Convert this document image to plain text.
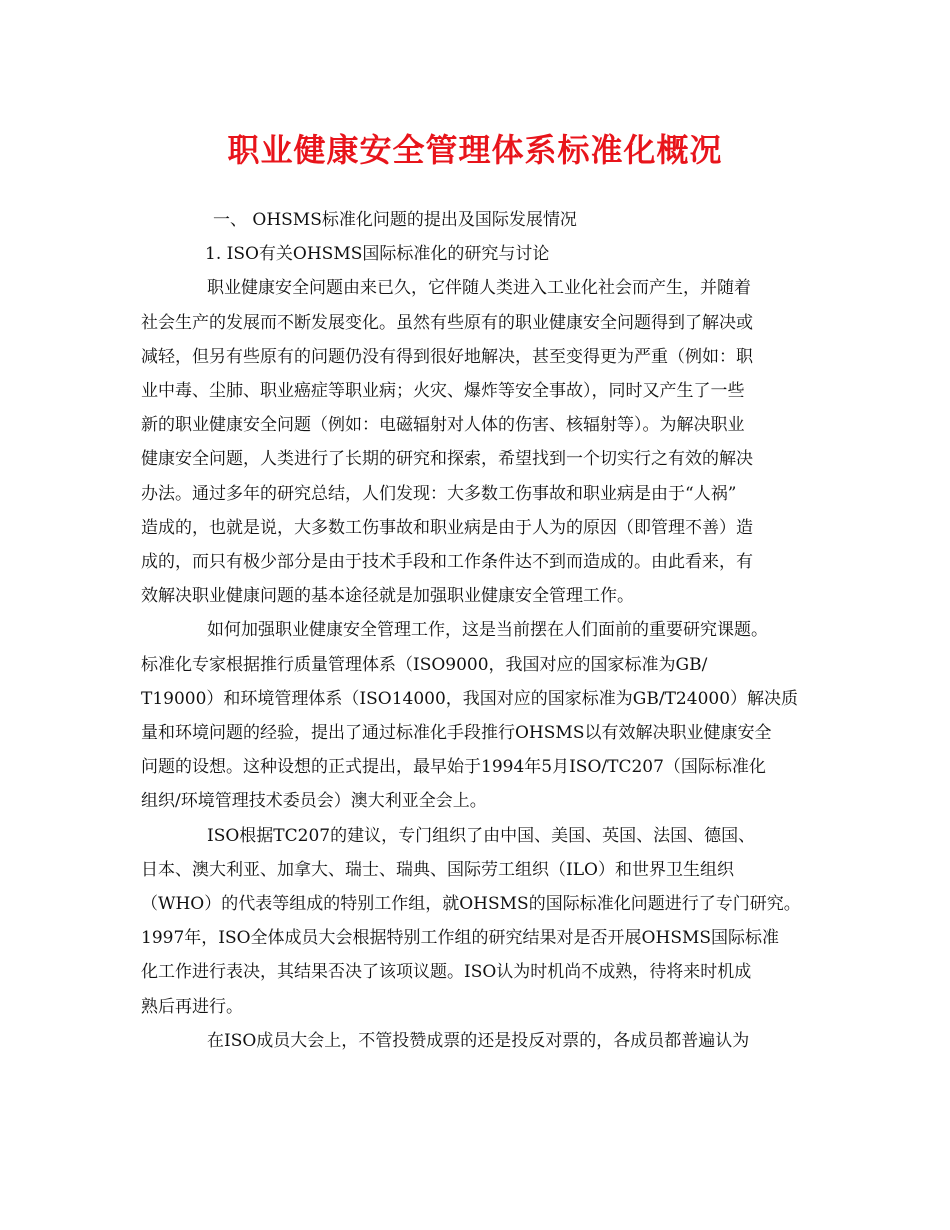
职业健康安全管理体系标准化概况
一、 OHSMS标准化问题的提出及国际发展情况
1. ISO有关OHSMS国际标准化的研究与讨论
职业健康安全问题由来已久，它伴随人类进入工业化社会而产生，并随着
社会生产的发展而不断发展变化。虽然有些原有的职业健康安全问题得到了解决或
减轻，但另有些原有的问题仍没有得到很好地解决，甚至变得更为严重（例如：职
业中毒、尘肺、职业癌症等职业病；火灾、爆炸等安全事故），同时又产生了一些
新的职业健康安全问题（例如：电磁辐射对人体的伤害、核辐射等）。为解决职业
健康安全问题，人类进行了长期的研究和探索，希望找到一个切实行之有效的解决
办法。通过多年的研究总结，人们发现：大多数工伤事故和职业病是由于“人祸”
造成的，也就是说，大多数工伤事故和职业病是由于人为的原因（即管理不善）造
成的，而只有极少部分是由于技术手段和工作条件达不到而造成的。由此看来，有
效解决职业健康问题的基本途径就是加强职业健康安全管理工作。
如何加强职业健康安全管理工作，这是当前摆在人们面前的重要研究课题。
标准化专家根据推行质量管理体系（ISO9000，我国对应的国家标准为GB/
T19000）和环境管理体系（ISO14000，我国对应的国家标准为GB/T24000）解决质
量和环境问题的经验，提出了通过标准化手段推行OHSMS以有效解决职业健康安全
问题的设想。这种设想的正式提出，最早始于1994年5月ISO/TC207（国际标准化
组织/环境管理技术委员会）澳大利亚全会上。
ISO根据TC207的建议，专门组织了由中国、美国、英国、法国、德国、
日本、澳大利亚、加拿大、瑞士、瑞典、国际劳工组织（ILO）和世界卫生组织
（WHO）的代表等组成的特别工作组，就OHSMS的国际标准化问题进行了专门研究。
1997年，ISO全体成员大会根据特别工作组的研究结果对是否开展OHSMS国际标准
化工作进行表决，其结果否决了该项议题。ISO认为时机尚不成熟，待将来时机成
熟后再进行。
在ISO成员大会上，不管投赞成票的还是投反对票的，各成员都普遍认为
